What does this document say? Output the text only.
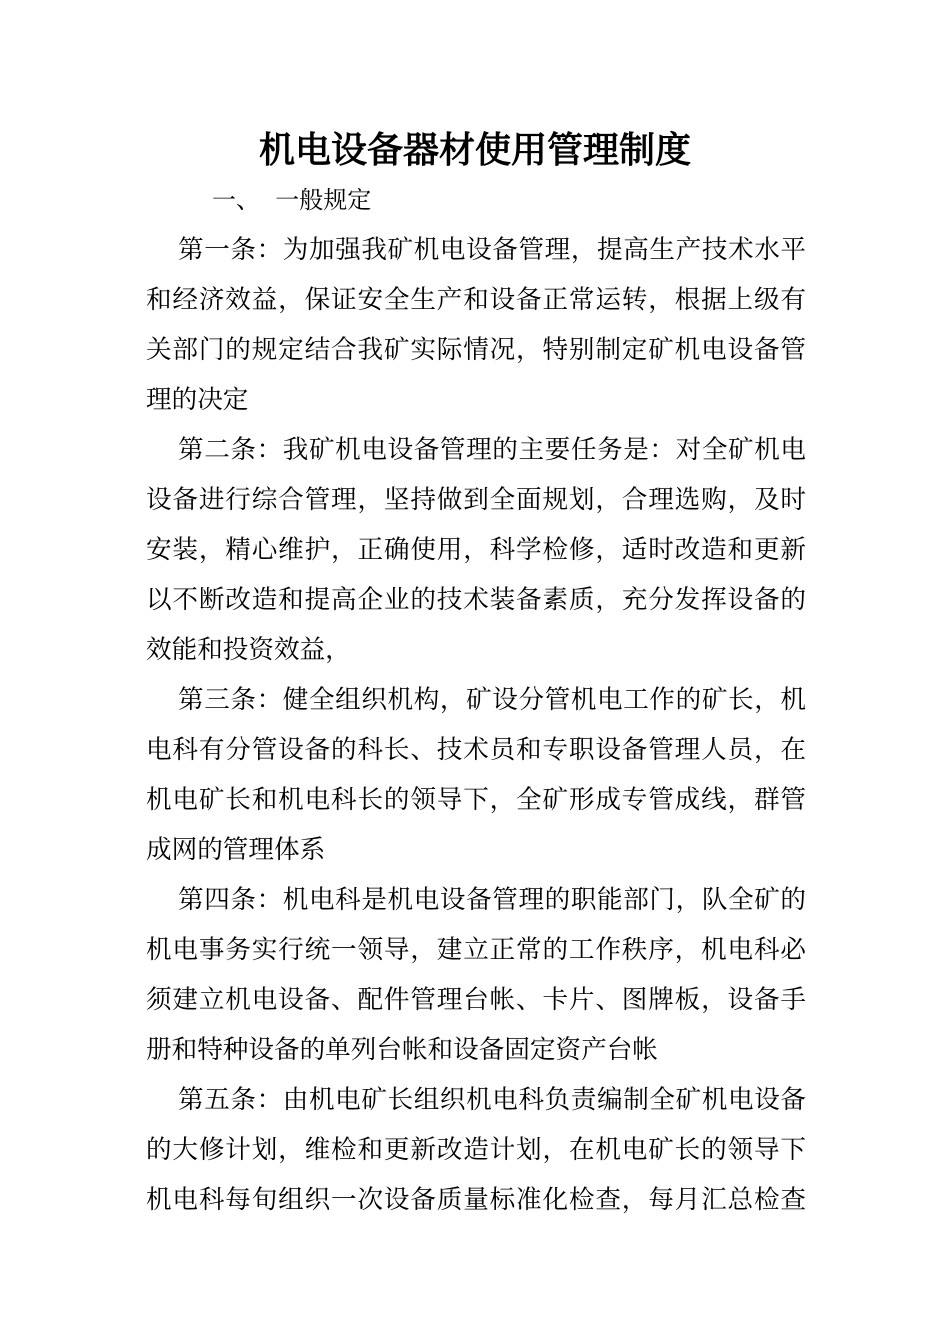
机电设备器材使用管理制度

一、  一般规定

第一条：为加强我矿机电设备管理，提高生产技术水平

和经济效益，保证安全生产和设备正常运转，根据上级有

关部门的规定结合我矿实际情况，特别制定矿机电设备管

理的决定

第二条：我矿机电设备管理的主要任务是：对全矿机电

设备进行综合管理，坚持做到全面规划，合理选购，及时

安装，精心维护，正确使用，科学检修，适时改造和更新

以不断改造和提高企业的技术装备素质，充分发挥设备的

效能和投资效益，

第三条：健全组织机构，矿设分管机电工作的矿长，机

电科有分管设备的科长、技术员和专职设备管理人员，在

机电矿长和机电科长的领导下，全矿形成专管成线，群管

成网的管理体系

第四条：机电科是机电设备管理的职能部门，队全矿的

机电事务实行统一领导，建立正常的工作秩序，机电科必

须建立机电设备、配件管理台帐、卡片、图牌板，设备手

册和特种设备的单列台帐和设备固定资产台帐

第五条：由机电矿长组织机电科负责编制全矿机电设备

的大修计划，维检和更新改造计划，在机电矿长的领导下

机电科每旬组织一次设备质量标准化检查，每月汇总检查
